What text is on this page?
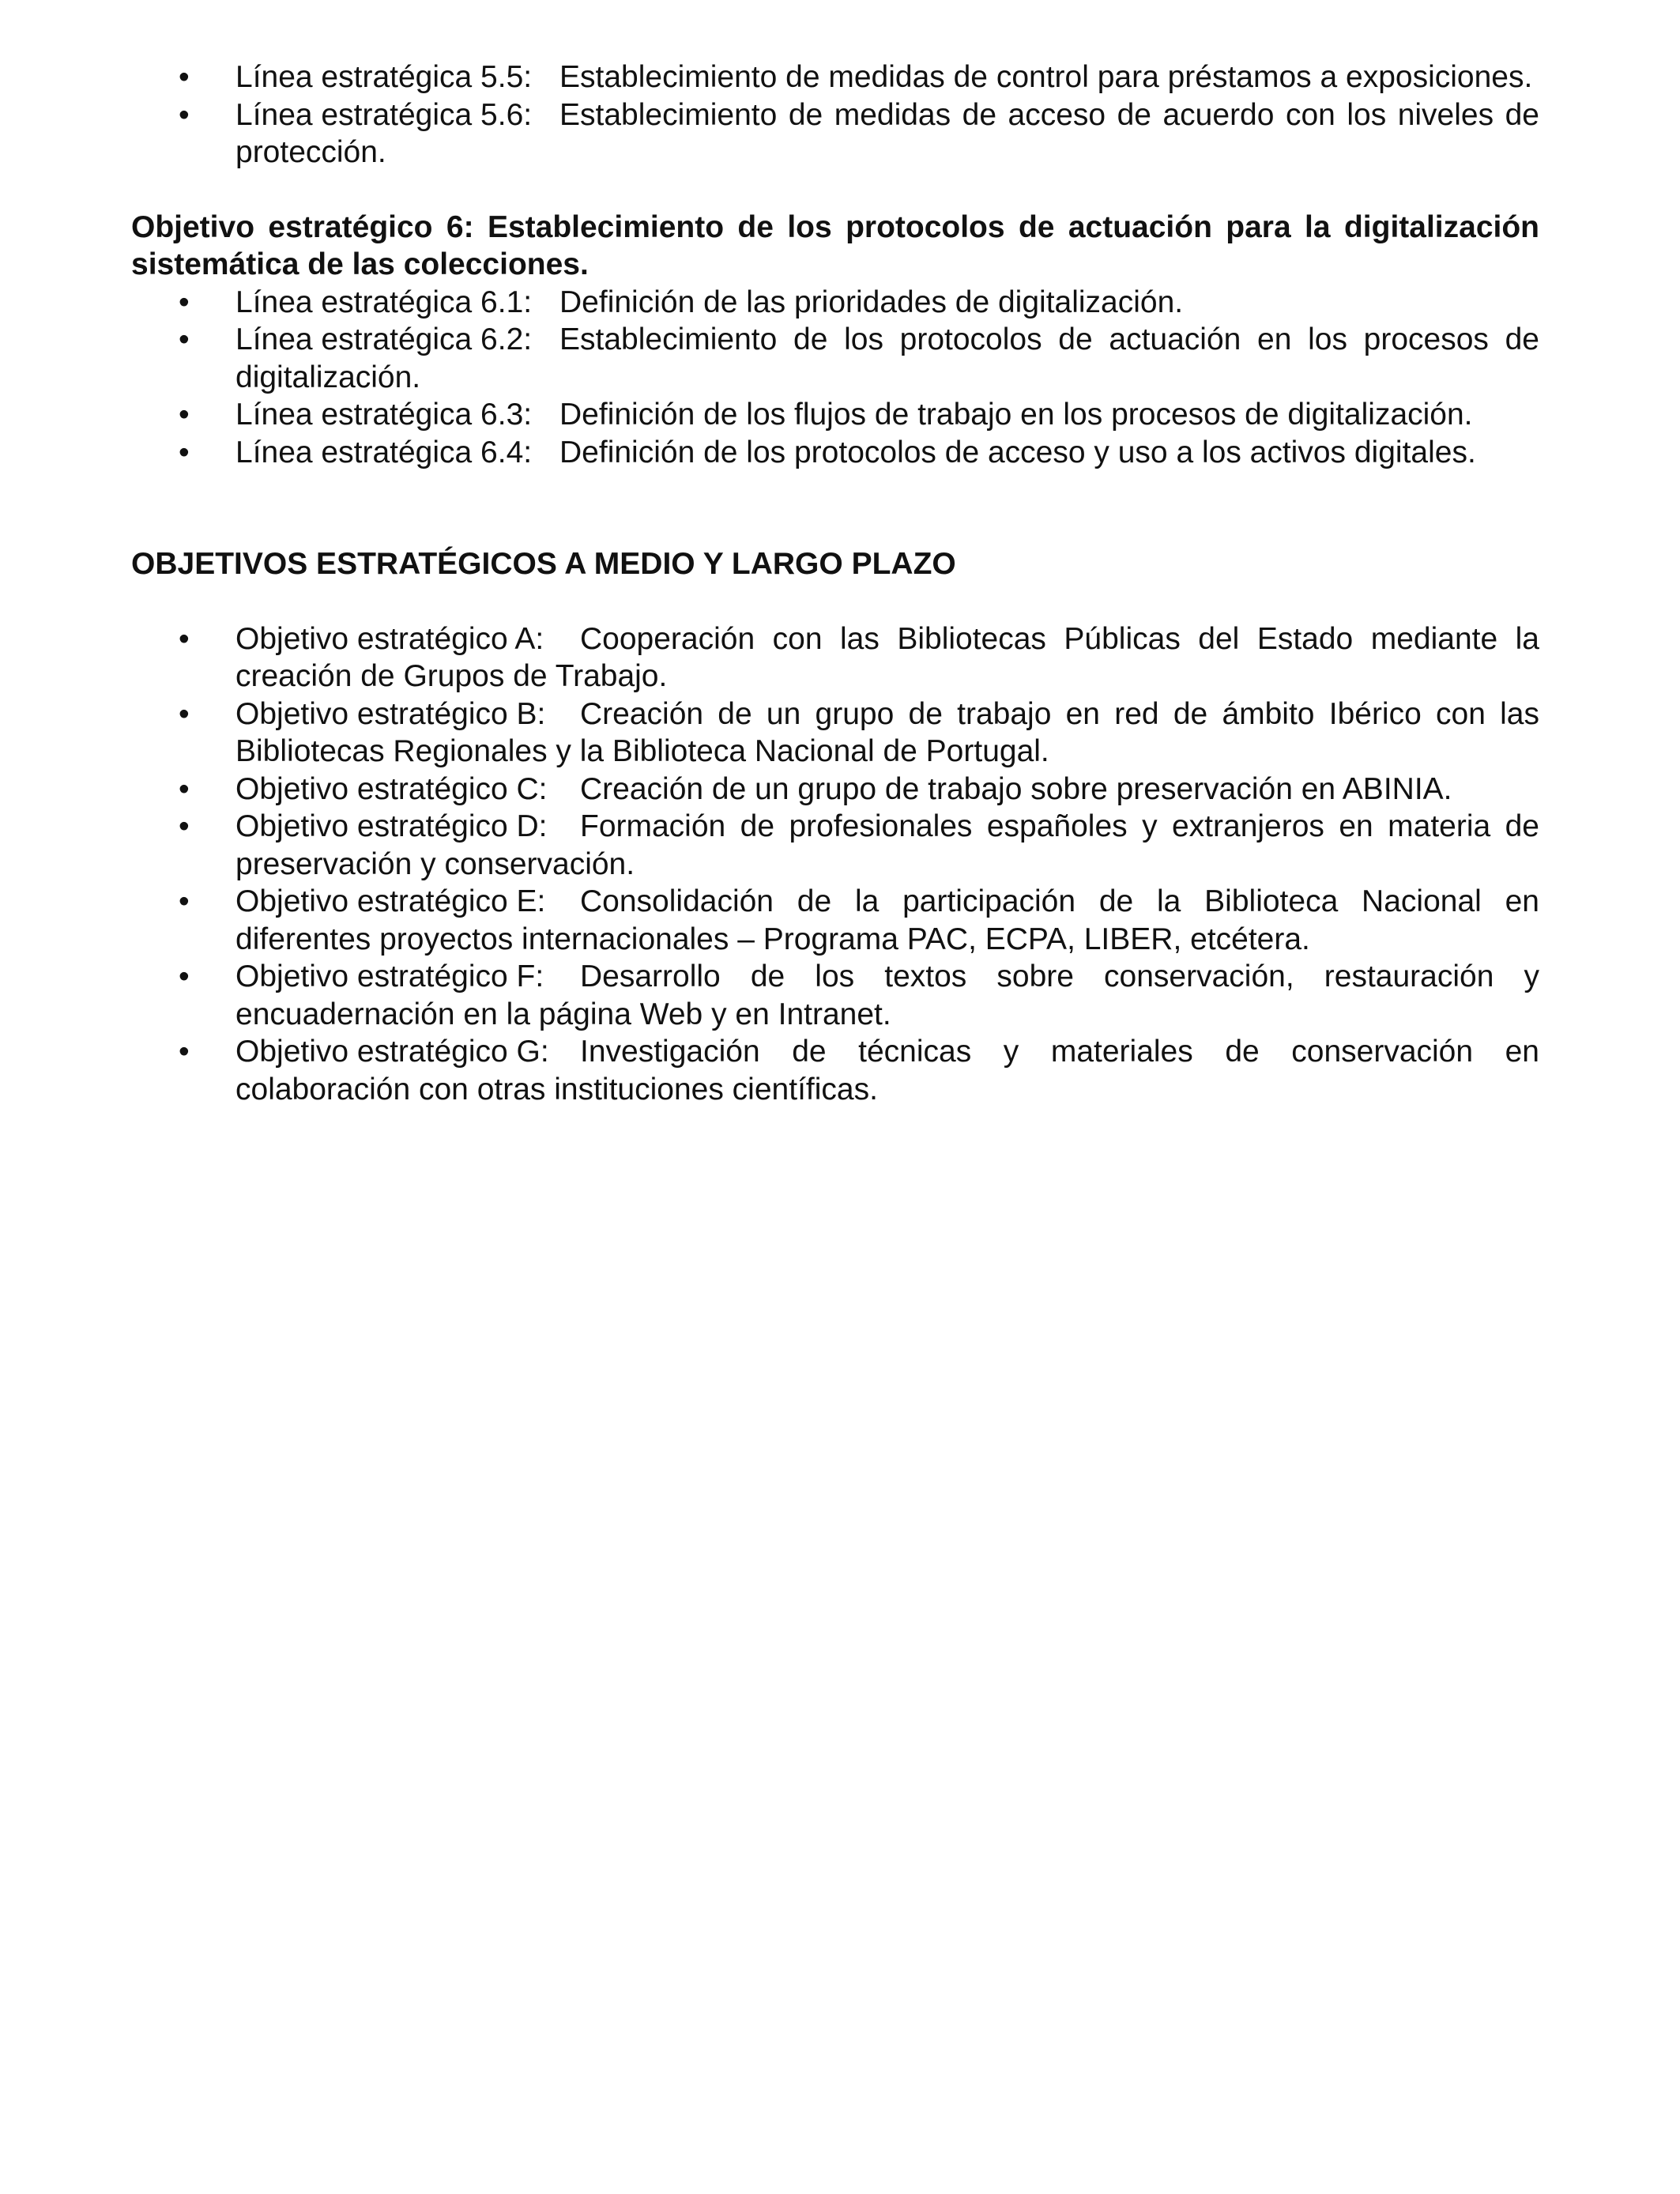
• Línea estratégica 5.5: Establecimiento de medidas de control para préstamos a exposiciones.
• Línea estratégica 5.6: Establecimiento de medidas de acceso de acuerdo con los niveles de protección.

Objetivo estratégico 6: Establecimiento de los protocolos de actuación para la digitalización sistemática de las colecciones.

• Línea estratégica 6.1: Definición de las prioridades de digitalización.
• Línea estratégica 6.2: Establecimiento de los protocolos de actuación en los procesos de digitalización.
• Línea estratégica 6.3: Definición de los flujos de trabajo en los procesos de digitalización.
• Línea estratégica 6.4: Definición de los protocolos de acceso y uso a los activos digitales.

OBJETIVOS ESTRATÉGICOS A MEDIO Y LARGO PLAZO

• Objetivo estratégico A: Cooperación con las Bibliotecas Públicas del Estado mediante la creación de Grupos de Trabajo.
• Objetivo estratégico B: Creación de un grupo de trabajo en red de ámbito Ibérico con las Bibliotecas Regionales y la Biblioteca Nacional de Portugal.
• Objetivo estratégico C: Creación de un grupo de trabajo sobre preservación en ABINIA.
• Objetivo estratégico D: Formación de profesionales españoles y extranjeros en materia de preservación y conservación.
• Objetivo estratégico E: Consolidación de la participación de la Biblioteca Nacional en diferentes proyectos internacionales – Programa PAC, ECPA, LIBER, etcétera.
• Objetivo estratégico F: Desarrollo de los textos sobre conservación, restauración y encuadernación en la página Web y en Intranet.
• Objetivo estratégico G: Investigación de técnicas y materiales de conservación en colaboración con otras instituciones científicas.
